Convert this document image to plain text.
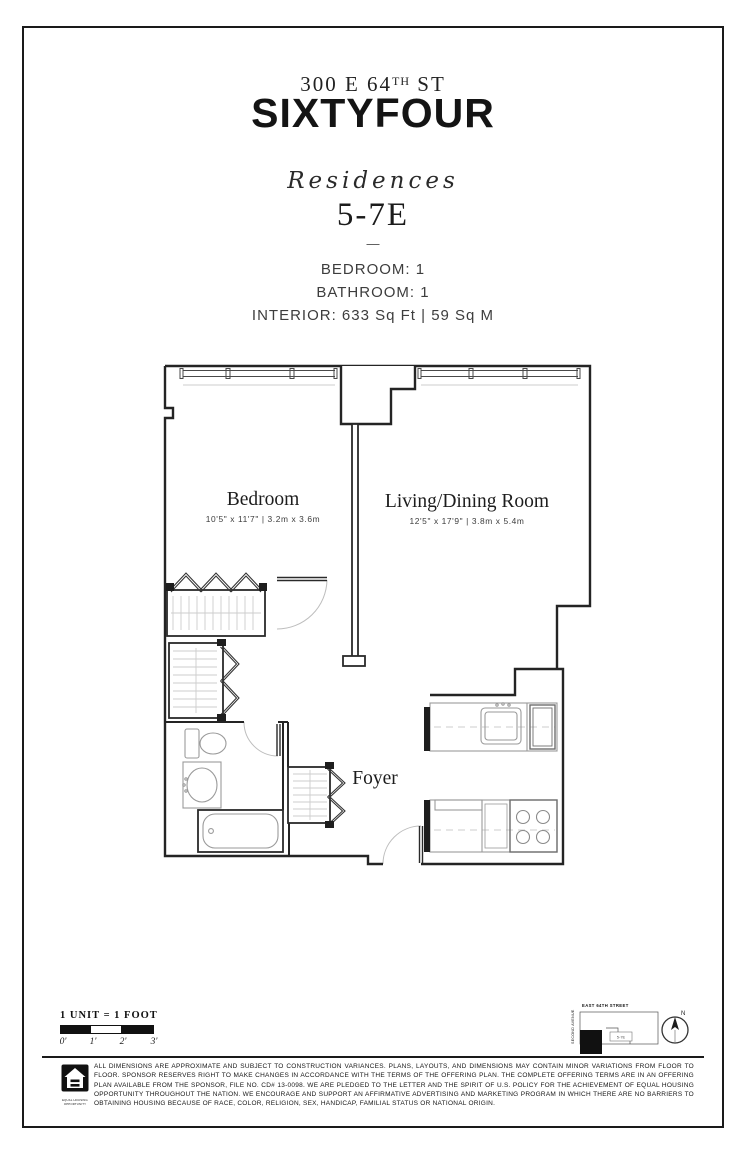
300 E 64TH ST
SIXTYFOUR
Residences
5-7E
—
BEDROOM: 1
BATHROOM: 1
INTERIOR: 633 Sq Ft | 59 Sq M
Bedroom
10'5" x 11'7" | 3.2m x 3.6m
Living/Dining Room
12'5" x 17'9" | 3.8m x 5.4m
Foyer
1 UNIT = 1 FOOT
0' 1' 2'	3'
EAST 64TH STREET
SECOND AVENUE	5-7E
N
EQUAL HOUSING OPPORTUNITY
ALL DIMENSIONS ARE APPROXIMATE AND SUBJECT TO CONSTRUCTION VARIANCES. PLANS, LAYOUTS, AND DIMENSIONS MAY CONTAIN MINOR VARIATIONS FROM FLOOR TO FLOOR. SPONSOR RESERVES RIGHT TO MAKE CHANGES IN ACCORDANCE WITH THE TERMS OF THE OFFERING PLAN. THE COMPLETE OFFERING TERMS ARE IN AN OFFERING PLAN AVAILABLE FROM THE SPONSOR, FILE NO. CD# 13-0098. WE ARE PLEDGED TO THE LETTER AND THE SPIRIT OF U.S. POLICY FOR THE ACHIEVEMENT OF EQUAL HOUSING OPPORTUNITY THROUGHOUT THE NATION. WE ENCOURAGE AND SUPPORT AN AFFIRMATIVE ADVERTISING AND MARKETING PROGRAM IN WHICH THERE ARE NO BARRIERS TO OBTAINING HOUSING BECAUSE OF RACE, COLOR, RELIGION, SEX, HANDICAP, FAMILIAL STATUS OR NATIONAL ORIGIN.
